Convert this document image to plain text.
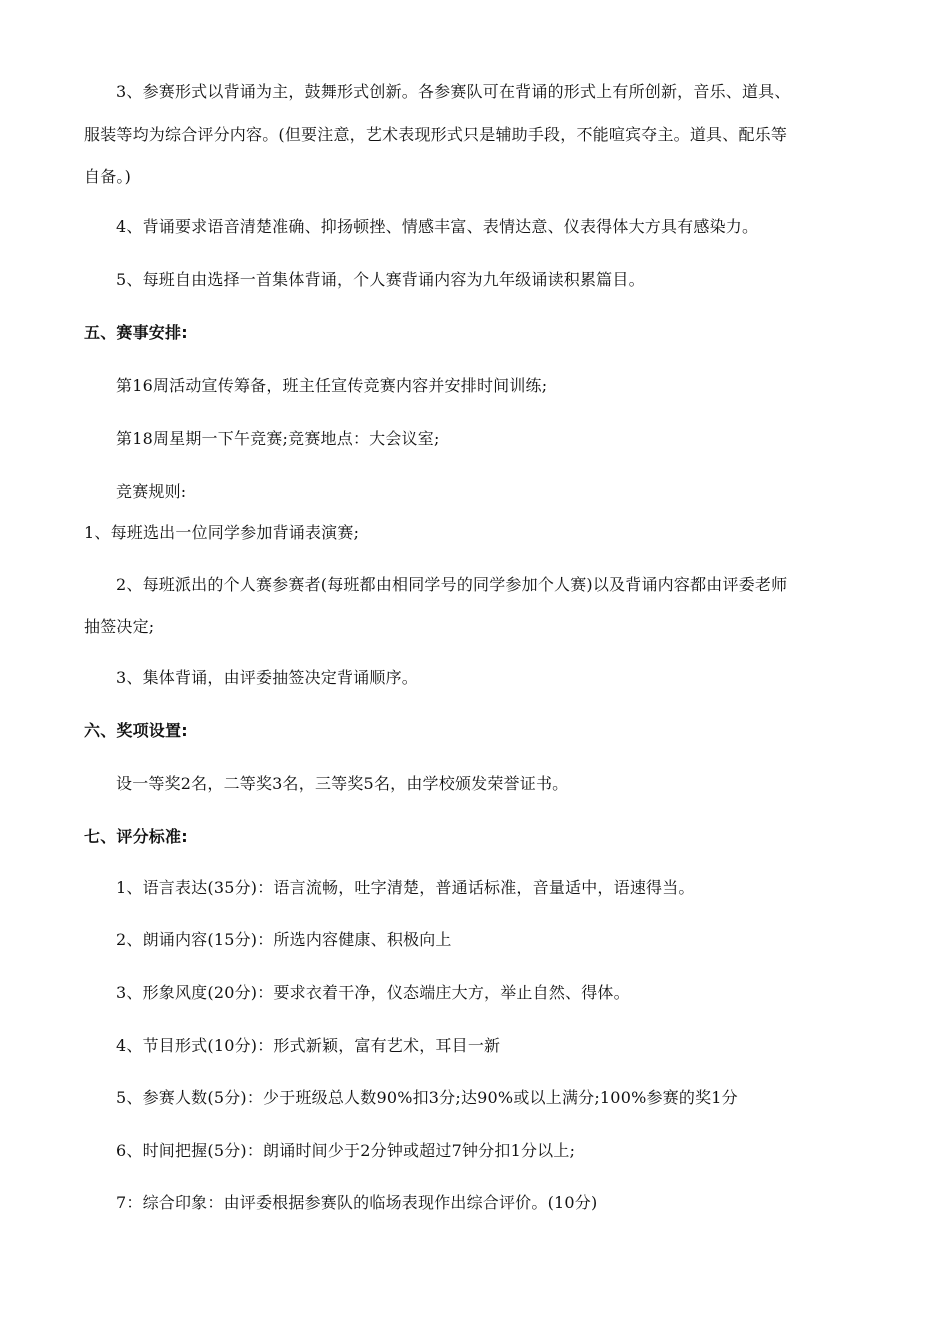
3、参赛形式以背诵为主，鼓舞形式创新。各参赛队可在背诵的形式上有所创新，音乐、道具、
服装等均为综合评分内容。(但要注意，艺术表现形式只是辅助手段，不能喧宾夺主。道具、配乐等
自备。)
4、背诵要求语音清楚准确、抑扬顿挫、情感丰富、表情达意、仪表得体大方具有感染力。
5、每班自由选择一首集体背诵，个人赛背诵内容为九年级诵读积累篇目。
五、赛事安排:
第16周活动宣传筹备，班主任宣传竞赛内容并安排时间训练;
第18周星期一下午竞赛;竞赛地点：大会议室;
竞赛规则:
1、每班选出一位同学参加背诵表演赛;
2、每班派出的个人赛参赛者(每班都由相同学号的同学参加个人赛)以及背诵内容都由评委老师
抽签决定;
3、集体背诵，由评委抽签决定背诵顺序。
六、奖项设置:
设一等奖2名，二等奖3名，三等奖5名，由学校颁发荣誉证书。
七、评分标准:
1、语言表达(35分)：语言流畅，吐字清楚，普通话标准，音量适中，语速得当。
2、朗诵内容(15分)：所选内容健康、积极向上
3、形象风度(20分)：要求衣着干净，仪态端庄大方，举止自然、得体。
4、节目形式(10分)：形式新颖，富有艺术，耳目一新
5、参赛人数(5分)：少于班级总人数90%扣3分;达90%或以上满分;100%参赛的奖1分
6、时间把握(5分)：朗诵时间少于2分钟或超过7钟分扣1分以上;
7：综合印象：由评委根据参赛队的临场表现作出综合评价。(10分)
